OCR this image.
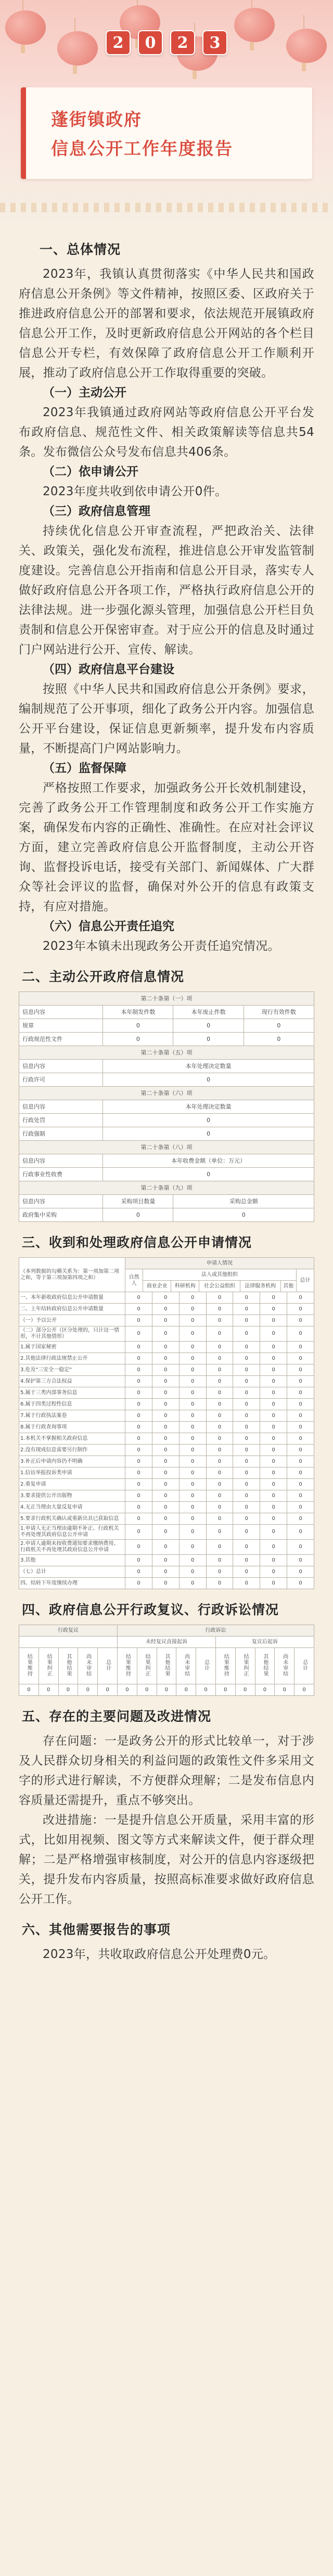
2	0	2	3
蓬街镇政府
信息公开工作年度报告
一、总体情况

2023年，我镇认真贯彻落实《中华人民共和国政府信息公开条例》等文件精神，按照区委、区政府关于推进政府信息公开的部署和要求，依法规范开展镇政府信息公开工作，及时更新政府信息公开网站的各个栏目信息公开专栏，有效保障了政府信息公开工作顺利开展，推动了政府信息公开工作取得重要的突破。

（一）主动公开

2023年我镇通过政府网站等政府信息公开平台发布政府信息、规范性文件、相关政策解读等信息共54条。发布微信公众号发布信息共406条。

（二）依申请公开

2023年度共收到依申请公开0件。

（三）政府信息管理

持续优化信息公开审查流程，严把政治关、法律关、政策关，强化发布流程，推进信息公开审发监管制度建设。完善信息公开指南和信息公开目录，落实专人做好政府信息公开各项工作，严格执行政府信息公开的法律法规。进一步强化源头管理，加强信息公开栏目负责制和信息公开保密审查。对于应公开的信息及时通过门户网站进行公开、宣传、解读。

（四）政府信息平台建设

按照《中华人民共和国政府信息公开条例》要求，编制规范了公开事项，细化了政务公开内容。加强信息公开平台建设，保证信息更新频率，提升发布内容质量，不断提高门户网站影响力。

（五）监督保障

严格按照工作要求，加强政务公开长效机制建设，完善了政务公开工作管理制度和政务公开工作实施方案，确保发布内容的正确性、准确性。在应对社会评议方面，建立完善政府信息公开监督制度，主动公开咨询、监督投诉电话，接受有关部门、新闻媒体、广大群众等社会评议的监督，确保对外公开的信息有政策支持，有应对措施。

（六）信息公开责任追究

2023年本镇未出现政务公开责任追究情况。

二、主动公开政府信息情况
第二十条第（一）项			
信息内容	本年制发件数	本年废止件数	现行有效件数
规章	0	0	0
行政规范性文件	0	0	0
第二十条第（五）项			
信息内容	本年处理决定数量		
行政许可	0		
第二十条第（六）项			
信息内容	本年处理决定数量		
行政处罚	0		
行政强制	0		
第二十条第（八）项			
信息内容	本年收费金额（单位：万元）		
行政事业性收费	0		
第二十条第（九）项			
信息内容	采购项目数量	采购总金额	
政府集中采购	0	0	
三、收到和处理政府信息公开申请情况
（本列数据的勾稽关系为：第一项加第二项之和，等于第三项加第四项之和）	申请人情况						
	自然人	法人或其他组织					总计
		商业企业	科研机构	社会公益组织	法律服务机构	其他	
一、本年新收政府信息公开申请数量	0	0	0	0	0	0	0
二、上年结转政府信息公开申请数量	0	0	0	0	0	0	0
（一）予以公开	0	0	0	0	0	0	0
（二）部分公开（区分处理的，只计这一情形，不计其他情形）	0	0	0	0	0	0	0
1.属于国家秘密	0	0	0	0	0	0	0
2.其他法律行政法规禁止公开	0	0	0	0	0	0	0
3.危及"三安全一稳定"	0	0	0	0	0	0	0
4.保护第三方合法权益	0	0	0	0	0	0	0
5.属于三类内部事务信息	0	0	0	0	0	0	0
6.属于四类过程性信息	0	0	0	0	0	0	0
7.属于行政执法案卷	0	0	0	0	0	0	0
8.属于行政查询事项	0	0	0	0	0	0	0
1.本机关不掌握相关政府信息	0	0	0	0	0	0	0
2.没有现成信息需要另行制作	0	0	0	0	0	0	0
3.补正后申请内容仍不明确	0	0	0	0	0	0	0
1.信访举报投诉类申请	0	0	0	0	0	0	0
2.重复申请	0	0	0	0	0	0	0
3.要求提供公开出版物	0	0	0	0	0	0	0
4.无正当理由大量反复申请	0	0	0	0	0	0	0
5.要求行政机关确认或重新出具已获取信息	0	0	0	0	0	0	0
1.申请人无正当理由逾期不补正、行政机关不再处理其政府信息公开申请	0	0	0	0	0	0	0
2.申请人逾期未按收费通知要求缴纳费用、行政机关不再处理其政府信息公开申请	0	0	0	0	0	0	0
3.其他	0	0	0	0	0	0	0
（七）总计	0	0	0	0	0	0	0
四、结转下年度继续办理	0	0	0	0	0	0	0
四、政府信息公开行政复议、行政诉讼情况
行政复议					行政诉讼									
					未经复议直接起诉					复议后起诉				
结果维持	结果纠正	其他结果	尚未审结	总计	结果维持	结果纠正	其他结果	尚未审结	总计	结果维持	结果纠正	其他结果	尚未审结	总计
0	0	0	0	0	0	0	0	0	0	0	0	0	0	0
五、存在的主要问题及改进情况

存在问题：一是政务公开的形式比较单一，对于涉及人民群众切身相关的利益问题的政策性文件多采用文字的形式进行解读，不方便群众理解；二是发布信息内容质量还需提升，重点不够突出。

改进措施：一是提升信息公开质量，采用丰富的形式，比如用视频、图文等方式来解读文件，便于群众理解；二是严格增强审核制度，对公开的信息内容逐级把关，提升发布内容质量，按照高标准要求做好政府信息公开工作。

六、其他需要报告的事项

2023年，共收取政府信息公开处理费0元。
